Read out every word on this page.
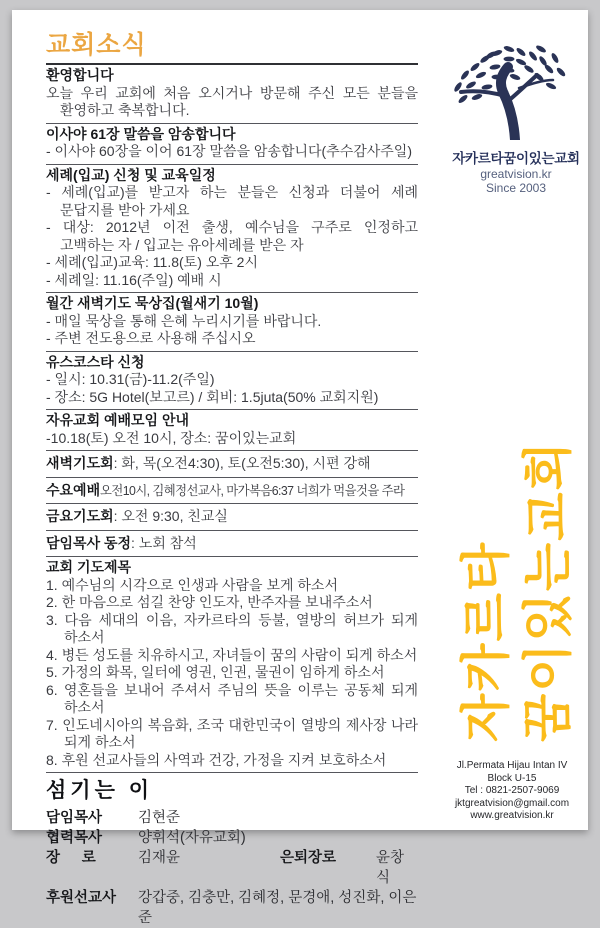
교회소식
환영합니다
오늘 우리 교회에 처음 오시거나 방문해 주신 모든 분들을 환영하고 축복합니다.
이사야 61장 말씀을 암송합니다
- 이사야 60장을 이어 61장 말씀을 암송합니다(추수감사주일)
세례(입교) 신청 및 교육일정
- 세례(입교)를 받고자 하는 분들은 신청과 더불어 세례 문답지를 받아 가세요
- 대상: 2012년 이전 출생, 예수님을 구주로 인정하고 고백하는 자 / 입교는 유아세례를 받은 자
- 세례(입교)교육: 11.8(토) 오후 2시
- 세례일: 11.16(주일) 예배 시
월간 새벽기도 묵상집(월새기 10월)
- 매일 묵상을 통해 은혜 누리시기를 바랍니다.
- 주변 전도용으로 사용해 주십시오
유스코스타 신청
- 일시: 10.31(금)-11.2(주일)
- 장소: 5G Hotel(보고르) / 회비: 1.5juta(50% 교회지원)
자유교회 예배모임 안내
-10.18(토) 오전 10시, 장소: 꿈이있는교회
새벽기도회: 화, 목(오전4:30), 토(오전5:30), 시편 강해
수요예배오전10시, 김혜정선교사, 마가복음6:37 너희가 먹을것을 주라
금요기도회: 오전 9:30, 친교실
담임목사 동정: 노회 참석
교회 기도제목
1. 예수님의 시각으로 인생과 사람을 보게 하소서
2. 한 마음으로 섬길 찬양 인도자, 반주자를 보내주소서
3. 다음 세대의 이음, 자카르타의 등불, 열방의 허브가 되게 하소서
4. 병든 성도를 치유하시고, 자녀들이 꿈의 사람이 되게 하소서
5. 가정의 화목, 일터에 영권, 인권, 물권이 임하게 하소서
6. 영혼들을 보내어 주셔서 주님의 뜻을 이루는 공동체 되게 하소서
7. 인도네시아의 복음화, 조국 대한민국이 열방의 제사장 나라 되게 하소서
8. 후원 선교사들의 사역과 건강, 가정을 지켜 보호하소서
섬기는 이
담임목사	김현준
협력목사	양휘석(자유교회)
장  로	김재윤	은퇴장로	윤창식
후원선교사	강갑중, 김충만, 김혜정, 문경애, 성진화, 이은준
자카르타꿈이있는교회
greatvision.kr
Since 2003
자카르타 꿈이있는교회
Jl.Permata Hijau Intan IV
Block U-15
Tel : 0821-2507-9069
jktgreatvision@gmail.com
www.greatvision.kr
